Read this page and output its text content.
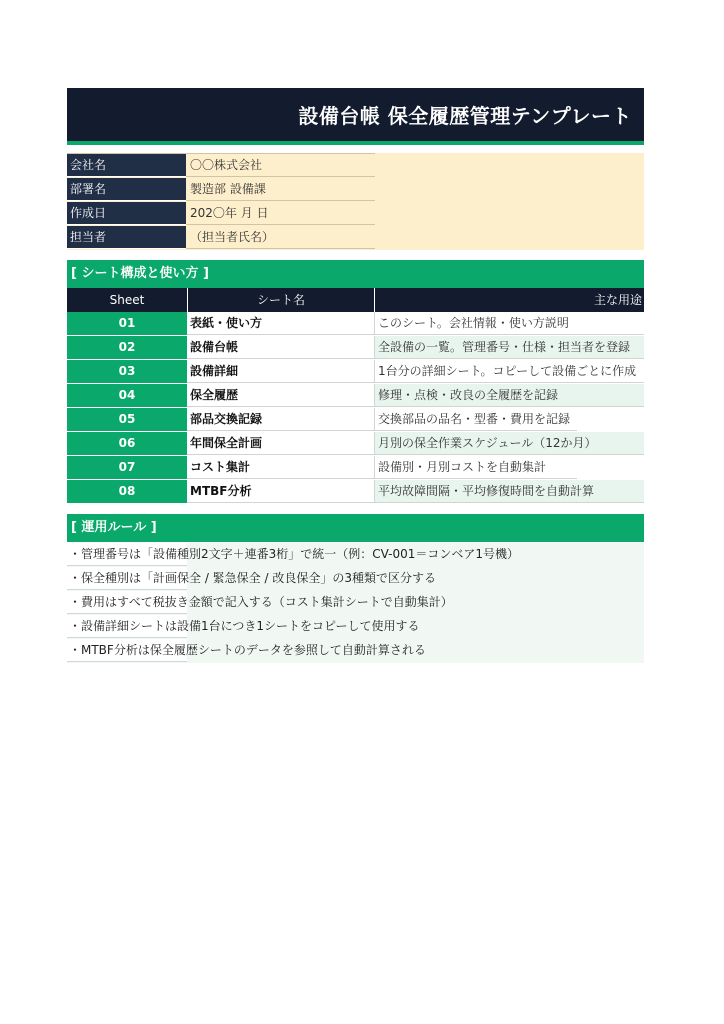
設備台帳 保全履歴管理テンプレート
会社名	〇〇株式会社
部署名	製造部 設備課
作成日	202〇年 月 日
担当者	（担当者氏名）
[ シート構成と使い方 ]
Sheet	シート名	主な用途
01	表紙・使い方	このシート。会社情報・使い方説明
02	設備台帳	全設備の一覧。管理番号・仕様・担当者を登録
03	設備詳細	1台分の詳細シート。コピーして設備ごとに作成
04	保全履歴	修理・点検・改良の全履歴を記録
05	部品交換記録	交換部品の品名・型番・費用を記録
06	年間保全計画	月別の保全作業スケジュール（12か月）
07	コスト集計	設備別・月別コストを自動集計
08	MTBF分析	平均故障間隔・平均修復時間を自動計算
[ 運用ルール ]
・管理番号は「設備種別2文字＋連番3桁」で統一（例：CV-001＝コンベア1号機）
・保全種別は「計画保全 / 緊急保全 / 改良保全」の3種類で区分する
・費用はすべて税抜き金額で記入する（コスト集計シートで自動集計）
・設備詳細シートは設備1台につき1シートをコピーして使用する
・MTBF分析は保全履歴シートのデータを参照して自動計算される
